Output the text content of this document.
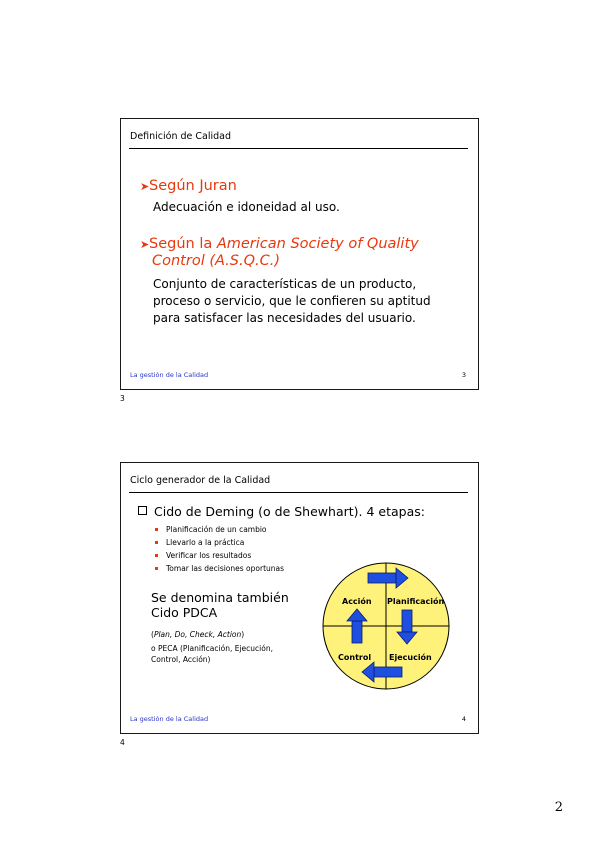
Definición de Calidad
➤Según Juran
Adecuación e idoneidad al uso.
➤Según la American Society of Quality
Control (A.S.Q.C.)
Conjunto de características de un producto,
proceso o servicio, que le confieren su aptitud
para satisfacer las necesidades del usuario.
La gestión de la Calidad	3
3
Ciclo generador de la Calidad
Cido de Deming (o de Shewhart). 4 etapas:
Planificación de un cambio
Llevarlo a la práctica
Verificar los resultados
Tomar las decisiones oportunas
Se denomina también
Cido PDCA
(Plan, Do, Check, Action)
o PECA (Planificación, Ejecución, Control, Acción)
Acción Planificación
Control Ejecución
La gestión de la Calidad	4
4
2
